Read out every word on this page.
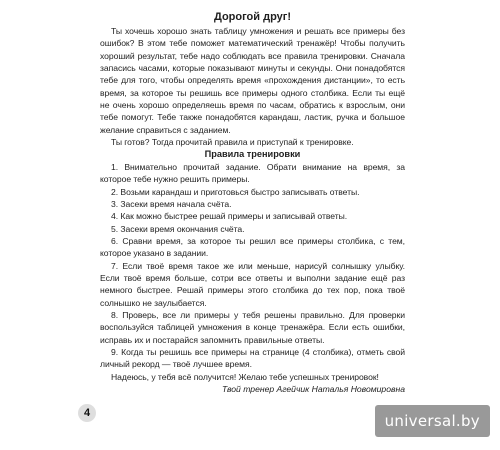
Дорогой друг!

Ты хочешь хорошо знать таблицу умножения и решать все примеры без ошибок? В этом тебе поможет математический тренажёр! Чтобы получить хороший результат, тебе надо соблюдать все правила тренировки. Сначала запасись часами, которые показывают минуты и секунды. Они понадобятся тебе для того, чтобы определять время «прохождения дистанции», то есть время, за которое ты решишь все примеры одного столбика. Если ты ещё не очень хорошо определяешь время по часам, обратись к взрослым, они тебе помогут. Тебе также понадобятся карандаш, ластик, ручка и большое желание справиться с заданием.

Ты готов? Тогда прочитай правила и приступай к тренировке.

Правила тренировки

1. Внимательно прочитай задание. Обрати внимание на время, за которое тебе нужно решить примеры.

2. Возьми карандаш и приготовься быстро записывать ответы.

3. Засеки время начала счёта.

4. Как можно быстрее решай примеры и записывай ответы.

5. Засеки время окончания счёта.

6. Сравни время, за которое ты решил все примеры столбика, с тем, которое указано в задании.

7. Если твоё время такое же или меньше, нарисуй солнышку улыбку. Если твоё время больше, сотри все ответы и выполни задание ещё раз немного быстрее. Решай примеры этого столбика до тех пор, пока твоё солнышко не заулыбается.

8. Проверь, все ли примеры у тебя решены правильно. Для проверки воспользуйся таблицей умножения в конце тренажёра. Если есть ошибки, исправь их и постарайся запомнить правильные ответы.

9. Когда ты решишь все примеры на странице (4 столбика), отметь свой личный рекорд — твоё лучшее время.

Надеюсь, у тебя всё получится! Желаю тебе успешных тренировок!

Твой тренер Агейчик Наталья Новомировна

4	universal.by
